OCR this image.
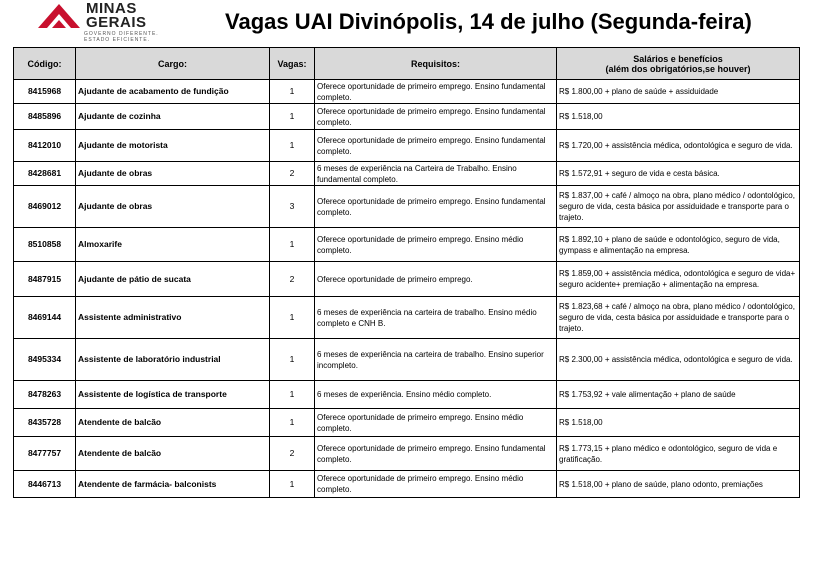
MINAS
GERAIS
GOVERNO DIFERENTE.
ESTADO EFICIENTE.
Vagas UAI Divinópolis, 14 de julho (Segunda-feira)
Código:	Cargo:	Vagas:	Requisitos:	Salários e benefícios
(além dos obrigatórios,se houver)

8415968	Ajudante de acabamento de fundição	1	Oferece oportunidade de primeiro emprego. Ensino fundamental completo.	R$ 1.800,00 + plano de saúde + assiduidade
8485896	Ajudante de cozinha	1	Oferece oportunidade de primeiro emprego. Ensino fundamental completo.	R$ 1.518,00
8412010	Ajudante de motorista	1	Oferece oportunidade de primeiro emprego. Ensino fundamental completo.	R$ 1.720,00 + assistência médica, odontológica e seguro de vida.
8428681	Ajudante de obras	2	6 meses de experiência na Carteira de Trabalho. Ensino fundamental completo.	R$ 1.572,91 + seguro de vida e cesta básica.
8469012	Ajudante de obras	3	Oferece oportunidade de primeiro emprego. Ensino fundamental completo.	R$ 1.837,00 + café / almoço na obra, plano médico / odontológico, seguro de vida, cesta básica por assiduidade e transporte para o trajeto.
8510858	Almoxarife	1	Oferece oportunidade de primeiro emprego. Ensino médio completo.	R$ 1.892,10 + plano de saúde e odontológico, seguro de vida, gympass e alimentação na empresa.
8487915	Ajudante de pátio de sucata	2	Oferece oportunidade de primeiro emprego.	R$ 1.859,00 + assistência médica, odontológica e seguro de vida+ seguro acidente+ premiação + alimentação na empresa.
8469144	Assistente administrativo	1	6 meses de experiência na carteira de trabalho. Ensino médio completo e CNH B.	R$ 1.823,68 + café / almoço na obra, plano médico / odontológico, seguro de vida, cesta básica por assiduidade e transporte para o trajeto.
8495334	Assistente de laboratório industrial	1	6 meses de experiência na carteira de trabalho. Ensino superior incompleto.	R$ 2.300,00 + assistência médica, odontológica e seguro de vida.
8478263	Assistente de logística de transporte	1	6 meses de experiência. Ensino médio completo.	R$ 1.753,92 + vale alimentação + plano de saúde
8435728	Atendente de balcão	1	Oferece oportunidade de primeiro emprego. Ensino médio completo.	R$ 1.518,00
8477757	Atendente de balcão	2	Oferece oportunidade de primeiro emprego. Ensino fundamental completo.	R$ 1.773,15 + plano médico e odontológico, seguro de vida e gratificação.
8446713	Atendente de farmácia- balconists	1	Oferece oportunidade de primeiro emprego. Ensino médio completo.	R$ 1.518,00 + plano de saúde, plano odonto, premiações
